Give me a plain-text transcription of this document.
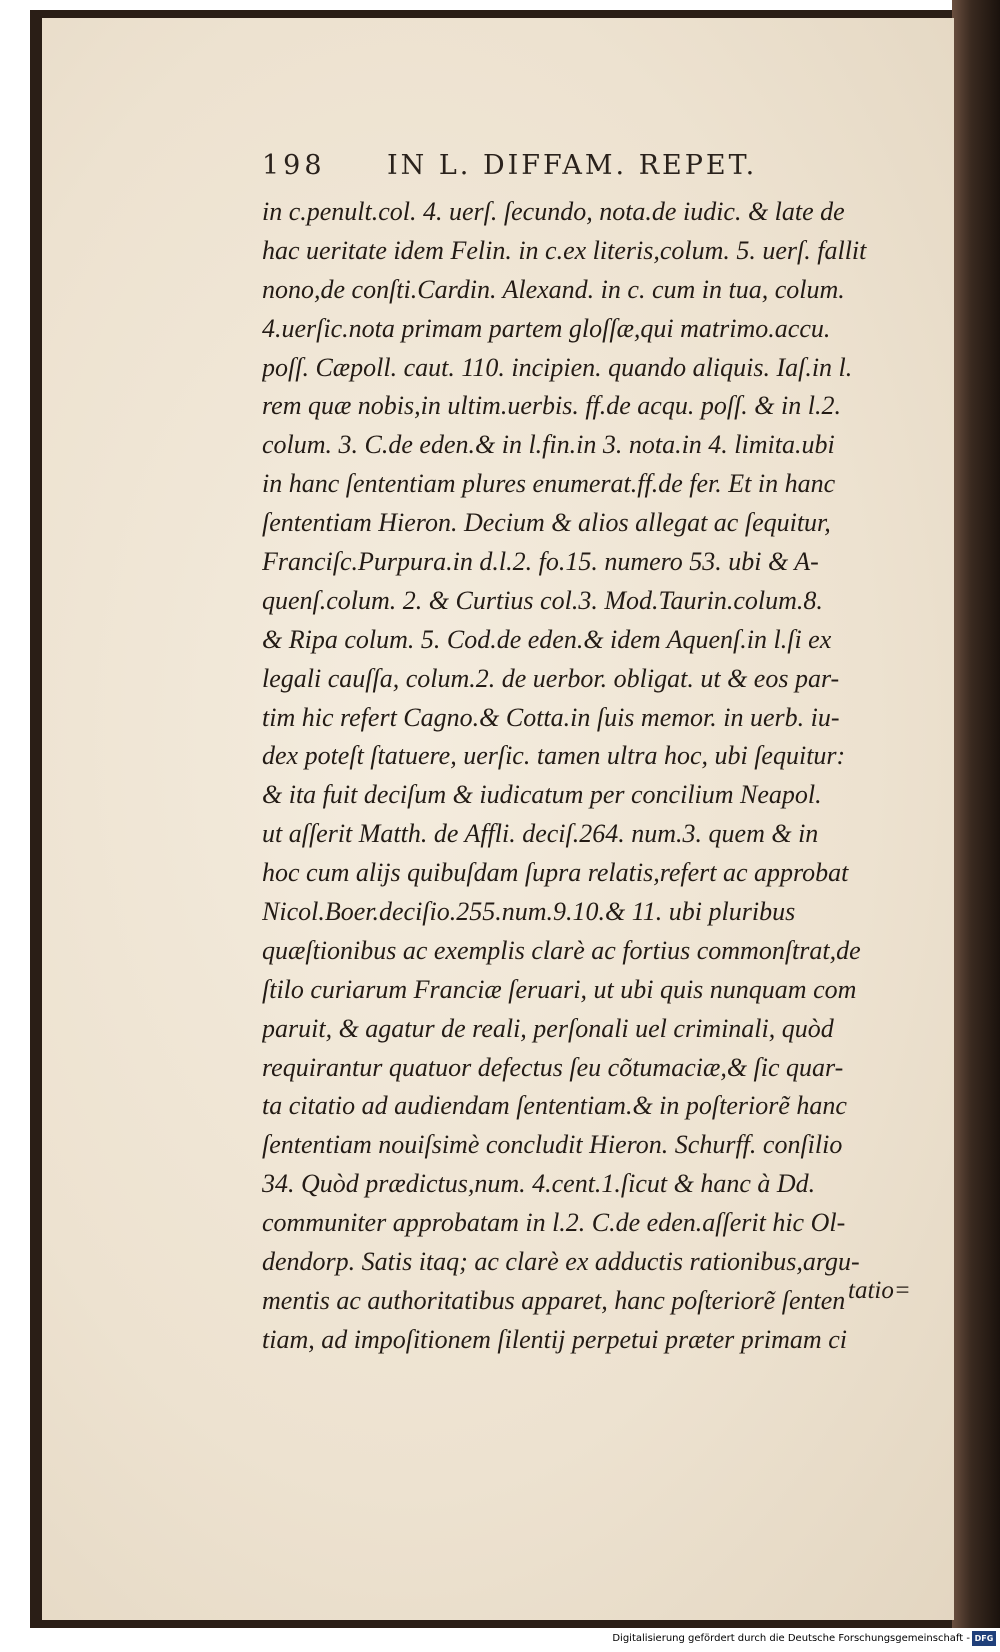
198 IN L. DIFFAM. REPET.
in c.penult.col. 4. uerſ. ſecundo, nota.de iudic. & late de
hac ueritate idem Felin. in c.ex literis,colum. 5. uerſ. fallit
nono,de conſti.Cardin. Alexand. in c. cum in tua, colum.
4.uerſic.nota primam partem gloſſæ,qui matrimo.accu.
poſſ. Cæpoll. caut. 110. incipien. quando aliquis. Iaſ.in l.
rem quæ nobis,in ultim.uerbis. ff.de acqu. poſſ. & in l.2.
colum. 3. C.de eden.& in l.fin.in 3. nota.in 4. limita.ubi
in hanc ſententiam plures enumerat.ff.de fer. Et in hanc
ſententiam Hieron. Decium & alios allegat ac ſequitur,
Franciſc.Purpura.in d.l.2. fo.15. numero 53. ubi & A-
quenſ.colum. 2. & Curtius col.3. Mod.Taurin.colum.8.
& Ripa colum. 5. Cod.de eden.& idem Aquenſ.in l.ſi ex
legali cauſſa, colum.2. de uerbor. obligat. ut & eos par-
tim hic refert Cagno.& Cotta.in ſuis memor. in uerb. iu-
dex poteſt ſtatuere, uerſic. tamen ultra hoc, ubi ſequitur:
& ita fuit deciſum & iudicatum per concilium Neapol.
ut aſſerit Matth. de Affli. deciſ.264. num.3. quem & in
hoc cum alijs quibuſdam ſupra relatis,refert ac approbat
Nicol.Boer.deciſio.255.num.9.10.& 11. ubi pluribus
quæſtionibus ac exemplis clarè ac fortius commonſtrat,de
ſtilo curiarum Franciæ ſeruari, ut ubi quis nunquam com
paruit, & agatur de reali, perſonali uel criminali, quòd
requirantur quatuor defectus ſeu cõtumaciæ,& ſic quar-
ta citatio ad audiendam ſententiam.& in poſteriorẽ hanc
ſententiam nouiſsimè concludit Hieron. Schurff. conſilio
34. Quòd prædictus,num. 4.cent.1.ſicut & hanc à Dd.
communiter approbatam in l.2. C.de eden.aſſerit hic Ol-
dendorp. Satis itaq; ac clarè ex adductis rationibus,argu-
mentis ac authoritatibus apparet, hanc poſteriorẽ ſenten
tiam, ad impoſitionem ſilentij perpetui præter primam ci
tatio=
Digitalisierung gefördert durch die Deutsche Forschungsgemeinschaft - DFG
